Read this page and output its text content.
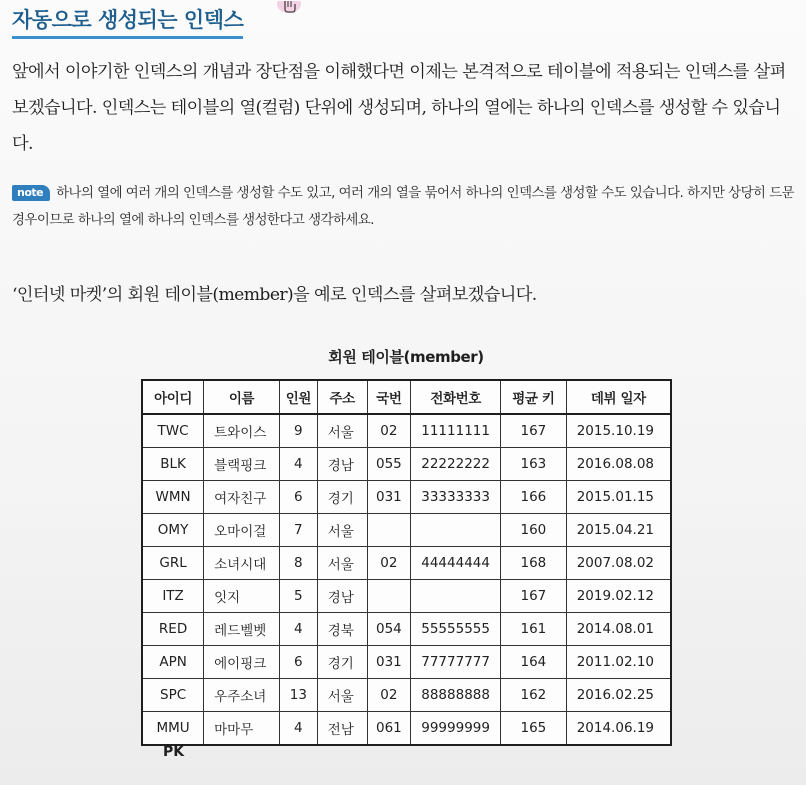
자동으로 생성되는 인덱스

앞에서 이야기한 인덱스의 개념과 장단점을 이해했다면 이제는 본격적으로 테이블에 적용되는 인덱스를 살펴보겠습니다. 인덱스는 테이블의 열(컬럼) 단위에 생성되며, 하나의 열에는 하나의 인덱스를 생성할 수 있습니다.

note 하나의 열에 여러 개의 인덱스를 생성할 수도 있고, 여러 개의 열을 묶어서 하나의 인덱스를 생성할 수도 있습니다. 하지만 상당히 드문 경우이므로 하나의 열에 하나의 인덱스를 생성한다고 생각하세요.

‘인터넷 마켓’의 회원 테이블(member)을 예로 인덱스를 살펴보겠습니다.

회원 테이블(member)
아이디	이름	인원	주소	국번	전화번호	평균 키	데뷔 일자
TWC	트와이스	9	서울	02	11111111	167	2015.10.19
BLK	블랙핑크	4	경남	055	22222222	163	2016.08.08
WMN	여자친구	6	경기	031	33333333	166	2015.01.15
OMY	오마이걸	7	서울			160	2015.04.21
GRL	소녀시대	8	서울	02	44444444	168	2007.08.02
ITZ	잇지	5	경남			167	2019.02.12
RED	레드벨벳	4	경북	054	55555555	161	2014.08.01
APN	에이핑크	6	경기	031	77777777	164	2011.02.10
SPC	우주소녀	13	서울	02	88888888	162	2016.02.25
MMU	마마무	4	전남	061	99999999	165	2014.06.19
PK
